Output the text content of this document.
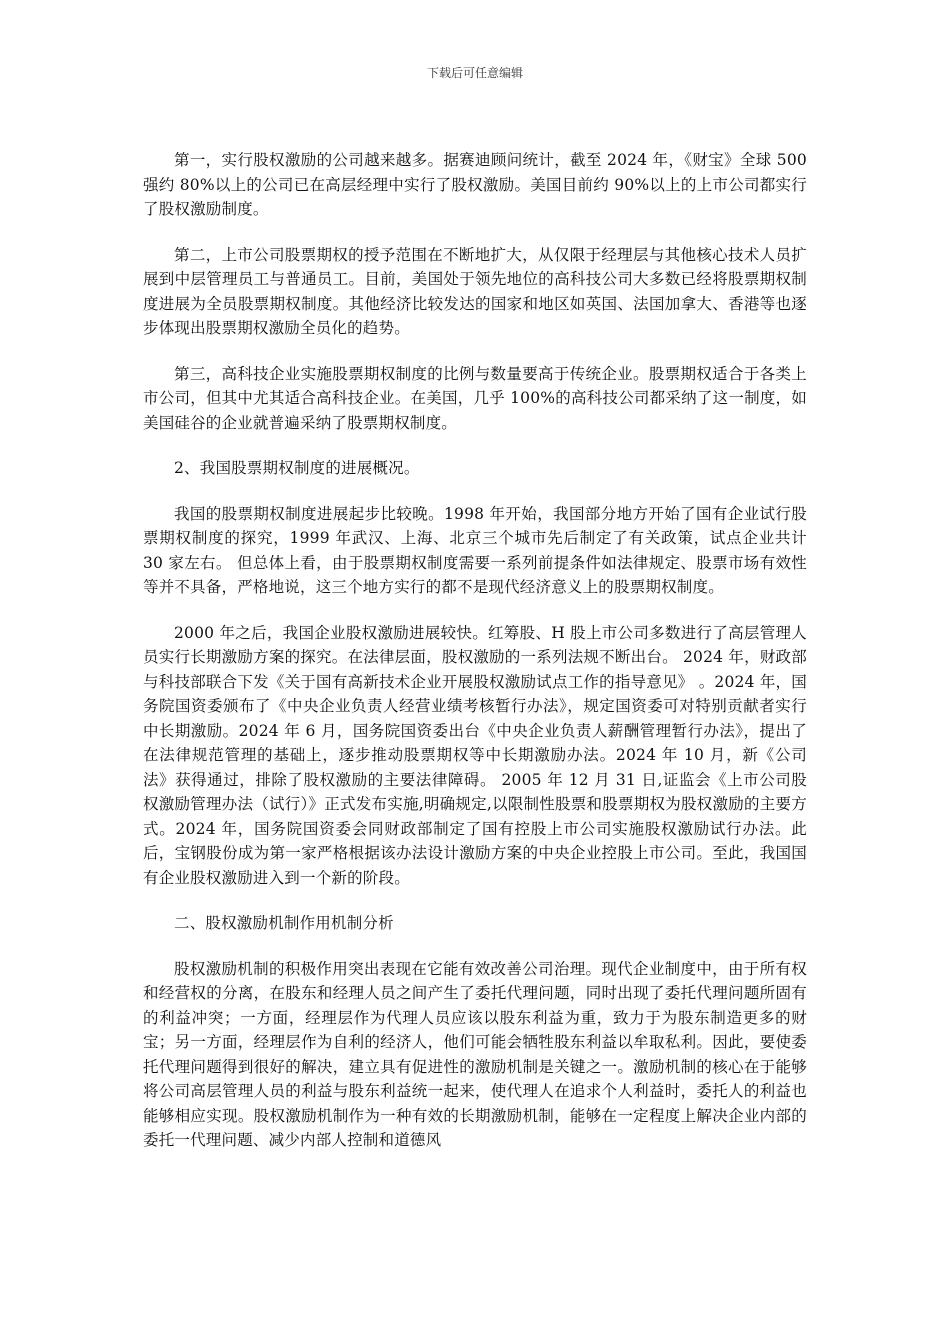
下载后可任意编辑

第一，实行股权激励的公司越来越多。据赛迪顾问统计，截至 2024 年，《财宝》全球 500 强约 80%以上的公司已在高层经理中实行了股权激励。美国目前约 90%以上的上市公司都实行了股权激励制度。

第二，上市公司股票期权的授予范围在不断地扩大，从仅限于经理层与其他核心技术人员扩展到中层管理员工与普通员工。目前，美国处于领先地位的高科技公司大多数已经将股票期权制度进展为全员股票期权制度。其他经济比较发达的国家和地区如英国、法国加拿大、香港等也逐步体现出股票期权激励全员化的趋势。

第三，高科技企业实施股票期权制度的比例与数量要高于传统企业。股票期权适合于各类上市公司，但其中尤其适合高科技企业。在美国，几乎 100%的高科技公司都采纳了这一制度，如美国硅谷的企业就普遍采纳了股票期权制度。

2、我国股票期权制度的进展概况。

我国的股票期权制度进展起步比较晚。1998 年开始，我国部分地方开始了国有企业试行股票期权制度的探究，1999 年武汉、上海、北京三个城市先后制定了有关政策，试点企业共计 30 家左右。 但总体上看，由于股票期权制度需要一系列前提条件如法律规定、股票市场有效性等并不具备，严格地说，这三个地方实行的都不是现代经济意义上的股票期权制度。

2000 年之后，我国企业股权激励进展较快。红筹股、H 股上市公司多数进行了高层管理人员实行长期激励方案的探究。在法律层面，股权激励的一系列法规不断出台。 2024 年，财政部与科技部联合下发《关于国有高新技术企业开展股权激励试点工作的指导意见》 。2024 年，国务院国资委颁布了《中央企业负责人经营业绩考核暂行办法》，规定国资委可对特别贡献者实行中长期激励。2024 年 6 月，国务院国资委出台《中央企业负责人薪酬管理暂行办法》，提出了在法律规范管理的基础上，逐步推动股票期权等中长期激励办法。2024 年 10 月，新《公司法》获得通过，排除了股权激励的主要法律障碍。 2005 年 12 月 31 日,证监会《上市公司股权激励管理办法（试行）》正式发布实施,明确规定,以限制性股票和股票期权为股权激励的主要方式。2024 年，国务院国资委会同财政部制定了国有控股上市公司实施股权激励试行办法。此后，宝钢股份成为第一家严格根据该办法设计激励方案的中央企业控股上市公司。至此，我国国有企业股权激励进入到一个新的阶段。

二、股权激励机制作用机制分析

股权激励机制的积极作用突出表现在它能有效改善公司治理。现代企业制度中，由于所有权和经营权的分离，在股东和经理人员之间产生了委托代理问题，同时出现了委托代理问题所固有的利益冲突；一方面，经理层作为代理人员应该以股东利益为重，致力于为股东制造更多的财宝；另一方面，经理层作为自利的经济人，他们可能会牺牲股东利益以牟取私利。因此，要使委托代理问题得到很好的解决，建立具有促进性的激励机制是关键之一。激励机制的核心在于能够将公司高层管理人员的利益与股东利益统一起来，使代理人在追求个人利益时，委托人的利益也能够相应实现。股权激励机制作为一种有效的长期激励机制，能够在一定程度上解决企业内部的委托一代理问题、减少内部人控制和道德风
